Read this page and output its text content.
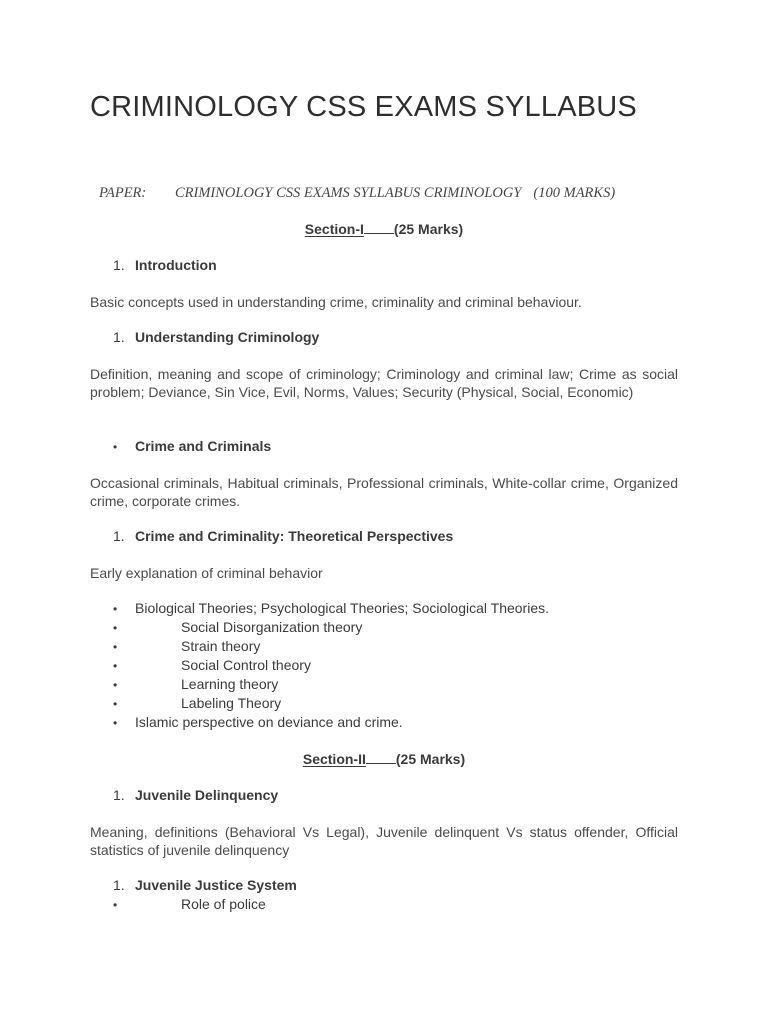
CRIMINOLOGY CSS EXAMS SYLLABUS
PAPER: CRIMINOLOGY CSS EXAMS SYLLABUS CRIMINOLOGY (100 MARKS)
Section-I (25 Marks)
1. Introduction

Basic concepts used in understanding crime, criminality and criminal behaviour.

1. Understanding Criminology

Definition, meaning and scope of criminology; Criminology and criminal law; Crime as social problem; Deviance, Sin Vice, Evil, Norms, Values; Security (Physical, Social, Economic)

• Crime and Criminals

Occasional criminals, Habitual criminals, Professional criminals, White-collar crime, Organized crime, corporate crimes.

1. Crime and Criminality: Theoretical Perspectives

Early explanation of criminal behavior

• Biological Theories; Psychological Theories; Sociological Theories.
•	Social Disorganization theory
•	Strain theory
•	Social Control theory
•	Learning theory
•	Labeling Theory
• Islamic perspective on deviance and crime.
Section-II (25 Marks)
1. Juvenile Delinquency

Meaning, definitions (Behavioral Vs Legal), Juvenile delinquent Vs status offender, Official statistics of juvenile delinquency

1. Juvenile Justice System
•	Role of police
